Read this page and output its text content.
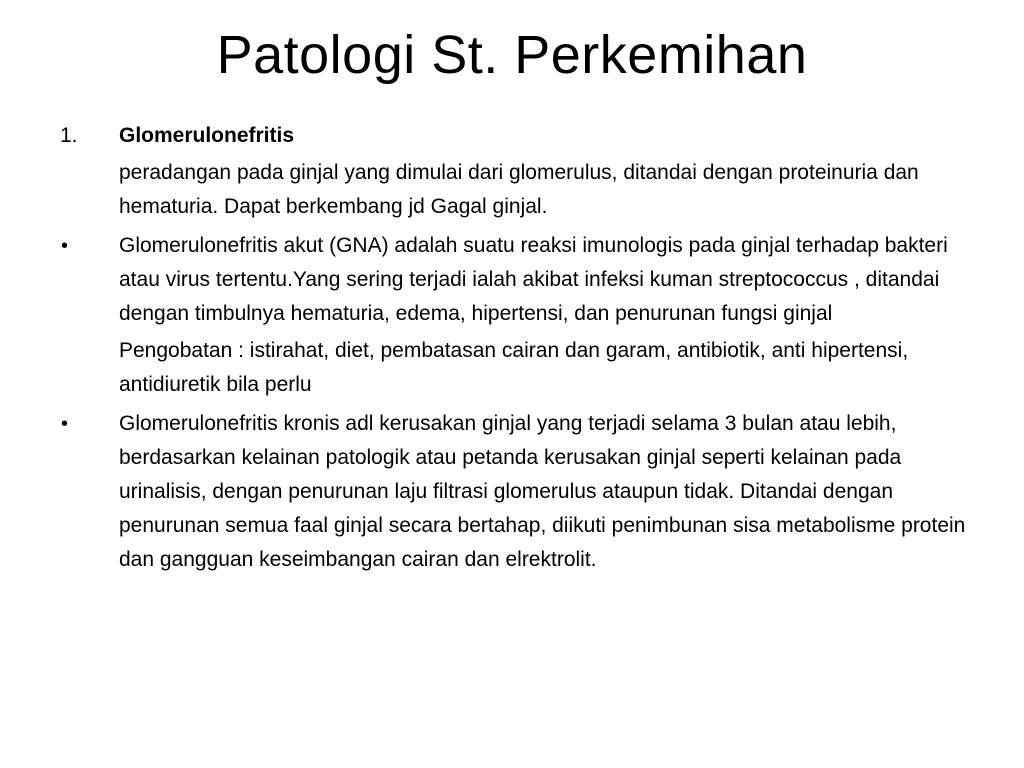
Patologi St. Perkemihan

1.	Glomerulonefritis

peradangan pada ginjal yang dimulai dari glomerulus, ditandai dengan proteinuria dan hematuria. Dapat berkembang jd Gagal ginjal.

•	Glomerulonefritis akut (GNA) adalah suatu reaksi imunologis pada ginjal terhadap bakteri atau virus tertentu.Yang sering terjadi ialah akibat infeksi kuman streptococcus , ditandai dengan timbulnya hematuria, edema, hipertensi, dan penurunan fungsi ginjal

Pengobatan : istirahat, diet, pembatasan cairan dan garam, antibiotik, anti hipertensi, antidiuretik bila perlu

•	Glomerulonefritis kronis adl kerusakan ginjal yang terjadi selama 3 bulan atau lebih, berdasarkan kelainan patologik atau petanda kerusakan ginjal seperti kelainan pada urinalisis, dengan penurunan laju filtrasi glomerulus ataupun tidak. Ditandai dengan penurunan semua faal ginjal secara bertahap, diikuti penimbunan sisa metabolisme protein dan gangguan keseimbangan cairan dan elrektrolit.
